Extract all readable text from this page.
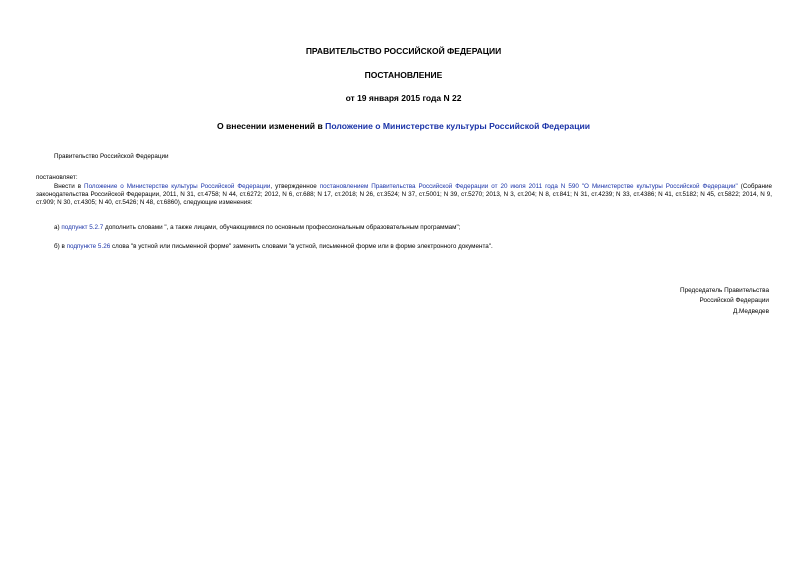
ПРАВИТЕЛЬСТВО РОССИЙСКОЙ ФЕДЕРАЦИИ
ПОСТАНОВЛЕНИЕ
от 19 января 2015 года N 22
О внесении изменений в Положение о Министерстве культуры Российской Федерации
Правительство Российской Федерации
постановляет:
Внести в Положение о Министерстве культуры Российской Федерации, утвержденное постановлением Правительства Российской Федерации от 20 июля 2011 года N 590 "О Министерстве культуры Российской Федерации" (Собрание законодательства Российской Федерации, 2011, N 31, ст.4758; N 44, ст.6272; 2012, N 6, ст.688; N 17, ст.2018; N 26, ст.3524; N 37, ст.5001; N 39, ст.5270; 2013, N 3, ст.204; N 8, ст.841; N 31, ст.4239; N 33, ст.4386; N 41, ст.5182; N 45, ст.5822; 2014, N 9, ст.909; N 30, ст.4305; N 40, ст.5426; N 48, ст.6860), следующие изменения:
а) подпункт 5.2.7 дополнить словами ", а также лицами, обучающимися по основным профессиональным образовательным программам";
б) в подпункте 5.26 слова "в устной или письменной форме" заменить словами "в устной, письменной форме или в форме электронного документа".
Председатель Правительства
Российской Федерации
Д.Медведев
